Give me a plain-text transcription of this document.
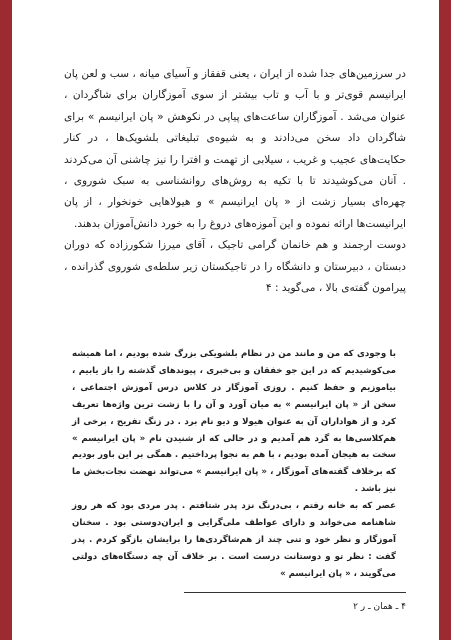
در سرزمین‌های جدا شده از ایران ، یعنی قفقاز و آسیای میانه ، سب و لعن پان ایرانیسم قوی‌تر و با آب و تاب بیشتر از سوی آموزگاران برای شاگردان ، عنوان می‌شد . آموزگاران ساعت‌های پیاپی در نکوهش « پان ایرانیسم » برای شاگردان داد سخن می‌دادند و به شیوه‌ی تبلیغاتی بلشویک‌ها ، در کنار حکایت‌های عجیب و غریب ، سیلابی از تهمت و افترا را نیز چاشنی آن می‌کردند . آنان می‌کوشیدند تا با تکیه به روش‌های روانشناسی به سبک شوروی ، چهره‌ای بسیار زشت از « پان ایرانیسم » و هیولاهایی خونخوار ، از پان ایرانیست‌ها ارائه نموده و این آموزه‌های دروغ را به خورد دانش‌آموزان بدهند.

دوست ارجمند و هم خانمان گرامی تاجیک ، آقای میرزا شکورزاده که دوران دبستان ، دبیرستان و دانشگاه را در تاجیکستان زیر سلطه‌ی شوروی گذرانده ، پیرامون گفته‌ی بالا ، می‌گوید : ۴

با وجودی که من و مانند من در نظام بلشویکی بزرگ شده بودیم ، اما همیشه می‌کوشیدیم که در این جو خفقان و بی‌خبری ، پیوندهای گذشته را باز یابیم ، بیاموزیم و حفظ کنیم . روزی آموزگار در کلاس درس آموزش اجتماعی ، سخن از « پان ایرانیسم » به میان آورد و آن را با زشت ترین واژه‌ها تعریف کرد و از هواداران آن به عنوان هیولا و دیو نام برد . در زنگ تفریح ، برخی از هم‌کلاسی‌ها به گرد هم آمدیم و در حالی که از شنیدن نام « پان ایرانیسم » سخت به هیجان آمده بودیم ، با هم به نجوا پرداختیم . همگی بر این باور بودیم که برخلاف گفته‌های آموزگار ، « پان ایرانیسم » می‌تواند نهضت نجات‌بخش ما نیز باشد .

عصر که به خانه رفتم ، بی‌درنگ نزد پدر شتافتم . پدر مردی بود که هر روز شاهنامه می‌خواند و دارای عواطف ملی‌گرایی و ایران‌دوستی بود . سخنان آموزگار و نظر خود و تنی چند از هم‌شاگردی‌ها را برایشان بازگو کردم . پدر گفت : نظر تو و دوستانت درست است . بر خلاف آن چه دستگاه‌های دولتی می‌گویند ، « پان ایرانیسم »

۴ ـ همان ـ ر ۲
